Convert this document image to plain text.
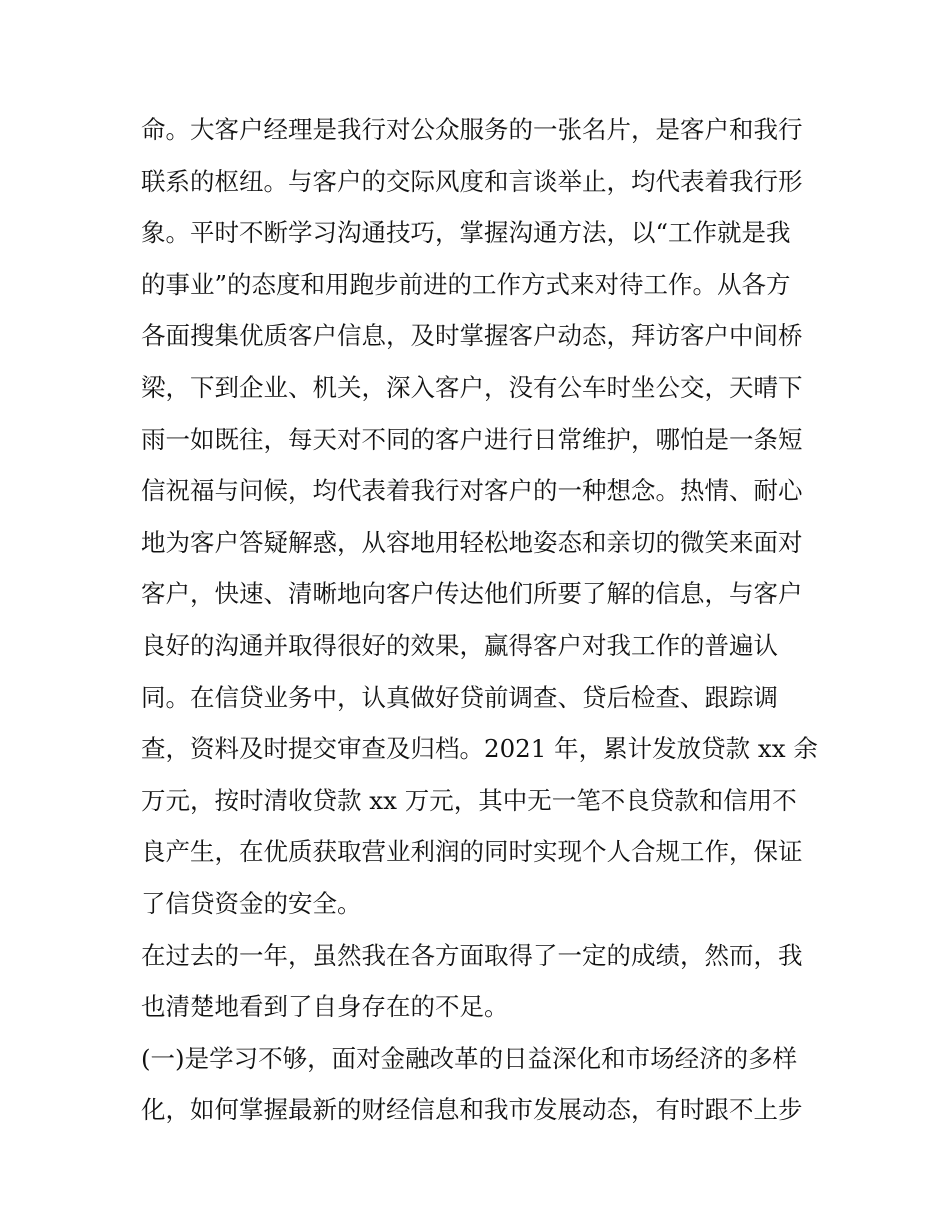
命。大客户经理是我行对公众服务的一张名片，是客户和我行
联系的枢纽。与客户的交际风度和言谈举止，均代表着我行形
象。平时不断学习沟通技巧，掌握沟通方法，以“工作就是我
的事业”的态度和用跑步前进的工作方式来对待工作。从各方
各面搜集优质客户信息，及时掌握客户动态，拜访客户中间桥
梁，下到企业、机关，深入客户，没有公车时坐公交，天晴下
雨一如既往，每天对不同的客户进行日常维护，哪怕是一条短
信祝福与问候，均代表着我行对客户的一种想念。热情、耐心
地为客户答疑解惑，从容地用轻松地姿态和亲切的微笑来面对
客户，快速、清晰地向客户传达他们所要了解的信息，与客户
良好的沟通并取得很好的效果，赢得客户对我工作的普遍认
同。在信贷业务中，认真做好贷前调查、贷后检查、跟踪调
查，资料及时提交审查及归档。2021 年，累计发放贷款 xx 余
万元，按时清收贷款 xx 万元，其中无一笔不良贷款和信用不
良产生，在优质获取营业利润的同时实现个人合规工作，保证
了信贷资金的安全。
在过去的一年，虽然我在各方面取得了一定的成绩，然而，我
也清楚地看到了自身存在的不足。
(一)是学习不够，面对金融改革的日益深化和市场经济的多样
化，如何掌握最新的财经信息和我市发展动态，有时跟不上步
